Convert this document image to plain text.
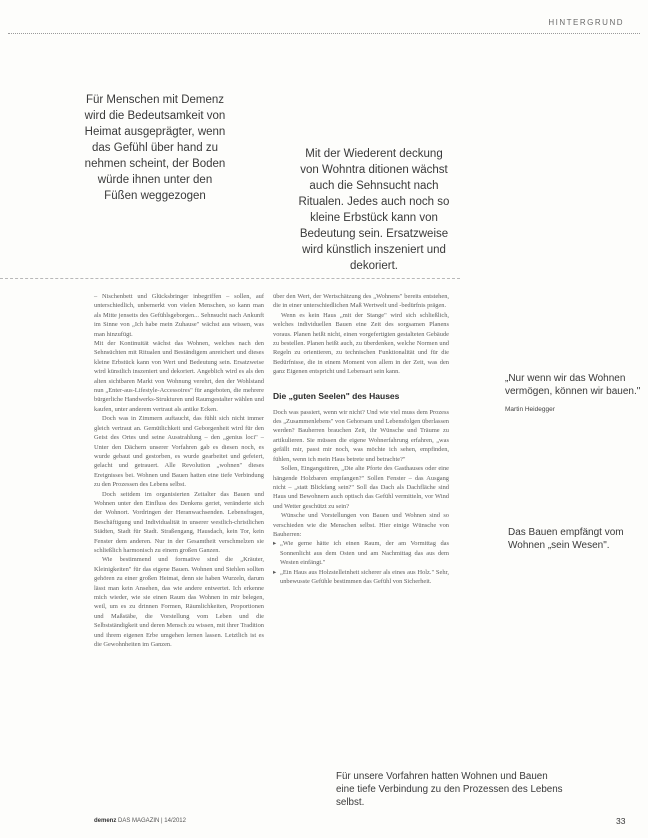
HINTERGRUND

Für Menschen mit Demenz wird die Bedeutsamkeit von Heimat ausgeprägter, wenn das Gefühl über hand zu nehmen scheint, der Boden würde ihnen unter den Füßen weggezogen

Mit der Wiederent deckung von Wohntra ditionen wächst auch die Sehnsucht nach Ritualen. Jedes auch noch so kleine Erbstück kann von Bedeutung sein. Ersatzweise wird künstlich inszeniert und dekoriert.

– Nischenbett und Glücksbringer inbegriffen – sollen, auf unterschiedlich, unbemerkt von vielen Menschen, so kann man als Mitte jenseits des Gefühlsgeborgen... Sehnsucht nach Ankunft im Sinne von „Ich habe mein Zuhause" wächst aus wissen, was man hinzufügt.

Mit der Kontinuität wächst das Wohnen, welches nach den Sehnsüchten mit Ritualen und Beständigem anreichert und dieses kleine Erbstück kann von Wert und Bedeutung sein. Ersatzweise wird künstlich inszeniert und dekoriert. Angeblich wird es als den alten sichtbaren Markt von Wohnung verehrt, den der Wohlstand nun „Enter-aus-Lifestyle-Accessoires" für angeboten, die mehrere bürgerliche Handwerks-Strukturen und Raumgestalter wählen und kaufen, unter anderem vertraut als antike Ecken.

Doch was in Zimmern auftaucht, das fühlt sich nicht immer gleich vertraut an. Gemütlichkeit und Geborgenheit wird für den Geist des Ortes und seine Ausstrahlung – den „genius loci" – Unter den Dächern unserer Vorfahren gab es diesen noch, es wurde gebaut und gestorben, es wurde gearbeitet und gefeiert, gelacht und getrauert. Alle Revolution „wohnen" dieses Ereignisses bei. Wohnen und Bauen hatten eine tiefe Verbindung zu den Prozessen des Lebens selbst.

Doch seitdem im organisierten Zeitalter das Bauen und Wohnen unter den Einfluss des Denkens geriet, veränderte sich der Wohnort. Vordringen der Heranwachsenden. Lebensfragen, Beschäftigung und Individualität in unserer westlich-christlichen Städten, Stadt für Stadt. Straßengang, Hausdach, kein Tor, kein Fenster dem anderen. Nur in der Gesamtheit verschmelzen sie schließlich harmonisch zu einem großen Ganzen.

Wie bestimmend und formative sind die „Kräuter, Kleinigkeiten" für das eigene Bauen. Wohnen und Stehlen sollten gehören zu einer großen Heimat, denn sie haben Wurzeln, darum lässt man kein Ansehen, das wie andere entwertet. Ich erkenne mich wieder, wie sie einen Raum das Wohnen in mir belegen, weil, um es zu drinnen Formen, Räumlichkeiten, Proportionen und Maßstäbe, die Vorstellung vom Leben und die Selbstständigkeit und deren Mensch zu wissen, mit ihrer Tradition und ihrem eigenen Erbe umgehen lernen lassen. Letztlich ist es die Gewohnheiten im Ganzen.

über den Wert, der Wertschätzung des „Wohnens" bereits entstehen, die in einer unterschiedlichen Maß Wertwelt und -bedürfnis prägen.

Wenn es kein Haus „mit der Stange" wird sich schließlich, welches individuellen Bauen eine Zeit des sorgsamen Planens voraus. Planen heißt nicht, einen vorgefertigten gestalteten Gebäude zu bestellen. Planen heißt auch, zu überdenken, welche Normen und Regeln zu orientieren, zu technischen Funktionalität und für die Bedürfnisse, die in einem Moment von allem in der Zeit, was den ganz Eigenen entspricht und Lebensart sein kann.

Die „guten Seelen" des Hauses

Doch was passiert, wenn wir nicht? Und wie viel muss dem Prozess des „Zusammenlebens" von Gehorsam und Lebensfolgen überlassen werden? Bauherren brauchen Zeit, ihr Wünsche und Träume zu artikulieren. Sie müssen die eigene Wohnerfahrung erfahren, „was gefällt mir, passt mir noch, was möchte ich sehen, empfinden, fühlen, wenn ich mein Haus betrete und betrachte?"

Sollen, Eingangstüren, „Die alte Pforte des Gasthauses oder eine hängende Holzbaren empfangen?" Sollen Fenster – das Ausgang nicht – „statt Blickfang sein?" Soll das Dach als Dachfläche sind Haus und Bewohnern auch optisch das Gefühl vermitteln, vor Wind und Wetter geschützt zu sein?

Wünsche und Vorstellungen von Bauen und Wohnen sind so verschieden wie die Menschen selbst. Hier einige Wünsche von Bauherren:

▸ „Wie gerne hätte ich einen Raum, der am Vormittag das Sonnenlicht aus dem Osten und am Nachmittag das aus dem Westen einfängt."
▸ „Ein Haus aus Holzstelleinheit sicherer als eines aus Holz." Sehr, unbewusste Gefühle bestimmen das Gefühl von Sicherheit.

„Nur wenn wir das Wohnen vermögen, können wir bauen."

Martin Heidegger

Das Bauen empfängt vom Wohnen „sein Wesen".

Für unsere Vorfahren hatten Wohnen und Bauen eine tiefe Verbindung zu den Prozessen des Lebens selbst.

demenz DAS MAGAZIN | 14/2012	33
